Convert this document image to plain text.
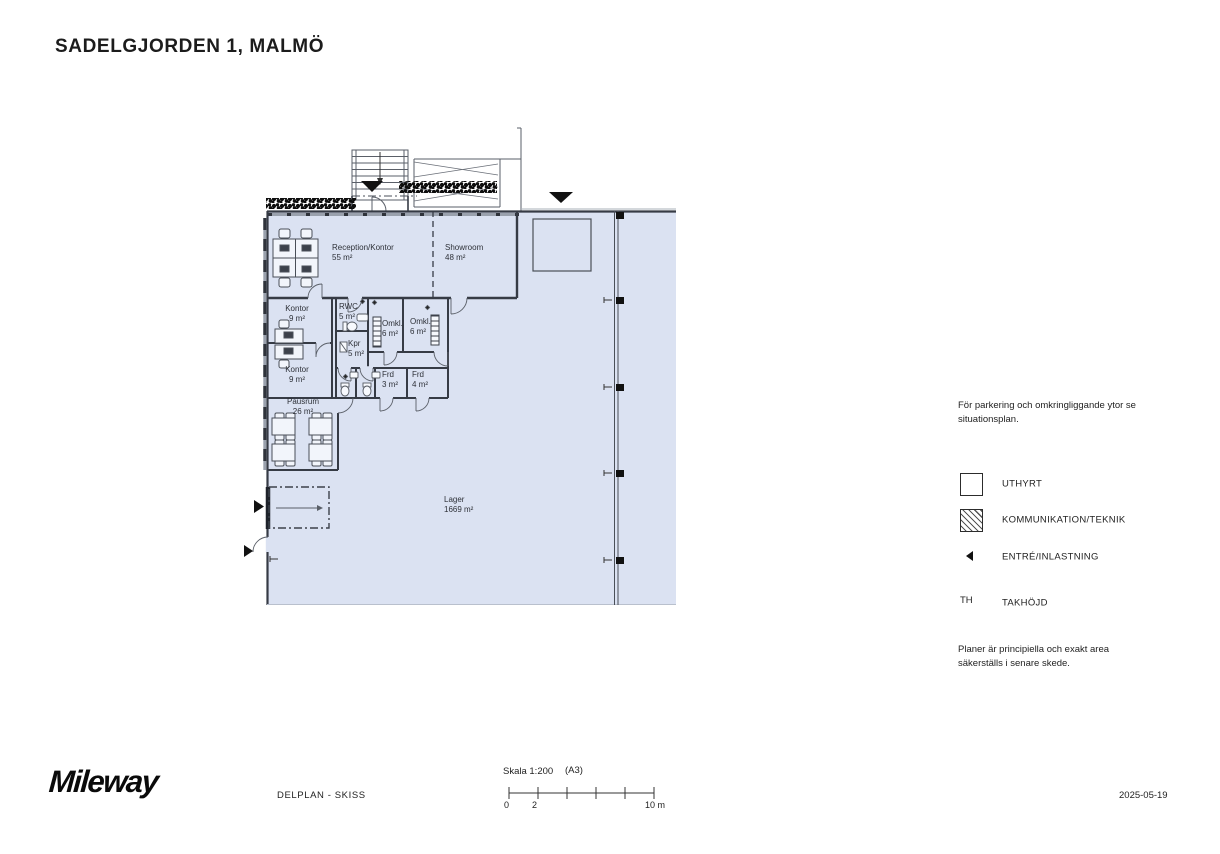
SADELGJORDEN 1, MALMÖ
Reception/Kontor
55 m²
Showroom
48 m²
Kontor
9 m²
RWC
5 m²
Omkl.
6 m²
Omkl.
6 m²
Kpr
5 m²
Kontor
9 m²
Frd
3 m²
Frd
4 m²
Pausrum
26 m²
Lager
1669 m²
För parkering och omkringliggande ytor se situationsplan.
UTHYRT
KOMMUNIKATION/TEKNIK
ENTRÉ/INLASTNING
TH	TAKHÖJD
Planer är principiella och exakt area säkerställs i senare skede.
Mileway	DELPLAN - SKISS
Skala 1:200 (A3)
0	2	10 m
2025-05-19
